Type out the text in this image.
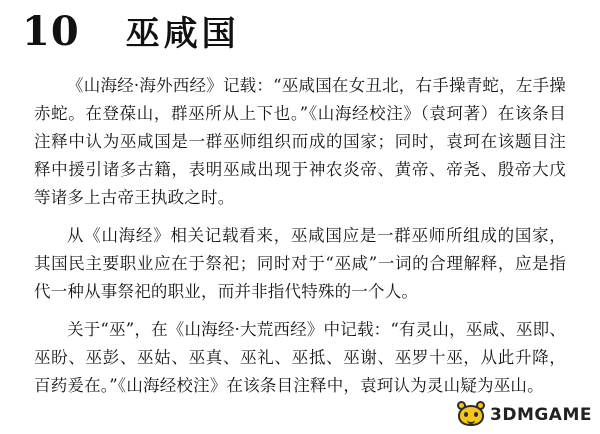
10 巫咸国

《山海经·海外西经》记载：“巫咸国在女丑北，右手操青蛇，左手操赤蛇。在登葆山，群巫所从上下也。”《山海经校注》（袁珂著）在该条目注释中认为巫咸国是一群巫师组织而成的国家；同时，袁珂在该题目注释中援引诸多古籍，表明巫咸出现于神农炎帝、黄帝、帝尧、殷帝大戊等诸多上古帝王执政之时。

从《山海经》相关记载看来，巫咸国应是一群巫师所组成的国家，其国民主要职业应在于祭祀；同时对于“巫咸”一词的合理解释，应是指代一种从事祭祀的职业，而并非指代特殊的一个人。

关于“巫”，在《山海经·大荒西经》中记载：“有灵山，巫咸、巫即、巫盼、巫彭、巫姑、巫真、巫礼、巫抵、巫谢、巫罗十巫，从此升降，百药爰在。”《山海经校注》在该条目注释中，袁珂认为灵山疑为巫山。

3DMGAME
